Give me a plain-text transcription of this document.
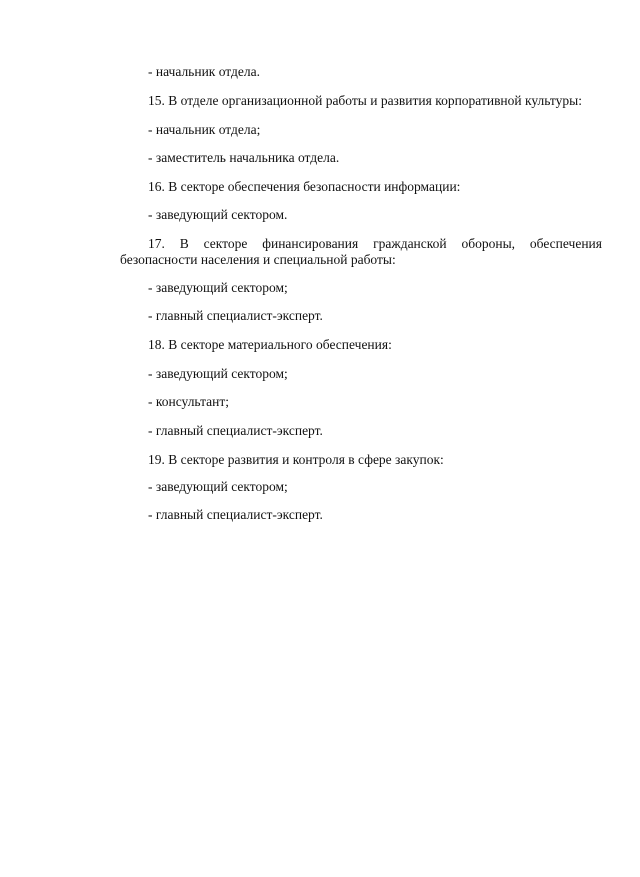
- начальник отдела.
15. В отделе организационной работы и развития корпоративной культуры:
- начальник отдела;
- заместитель начальника отдела.
16. В секторе обеспечения безопасности информации:
- заведующий сектором.
17. В секторе финансирования гражданской обороны, обеспечения
безопасности населения и специальной работы:
- заведующий сектором;
- главный специалист-эксперт.
18. В секторе материального обеспечения:
- заведующий сектором;
- консультант;
- главный специалист-эксперт.
19. В секторе развития и контроля в сфере закупок:
- заведующий сектором;
- главный специалист-эксперт.
